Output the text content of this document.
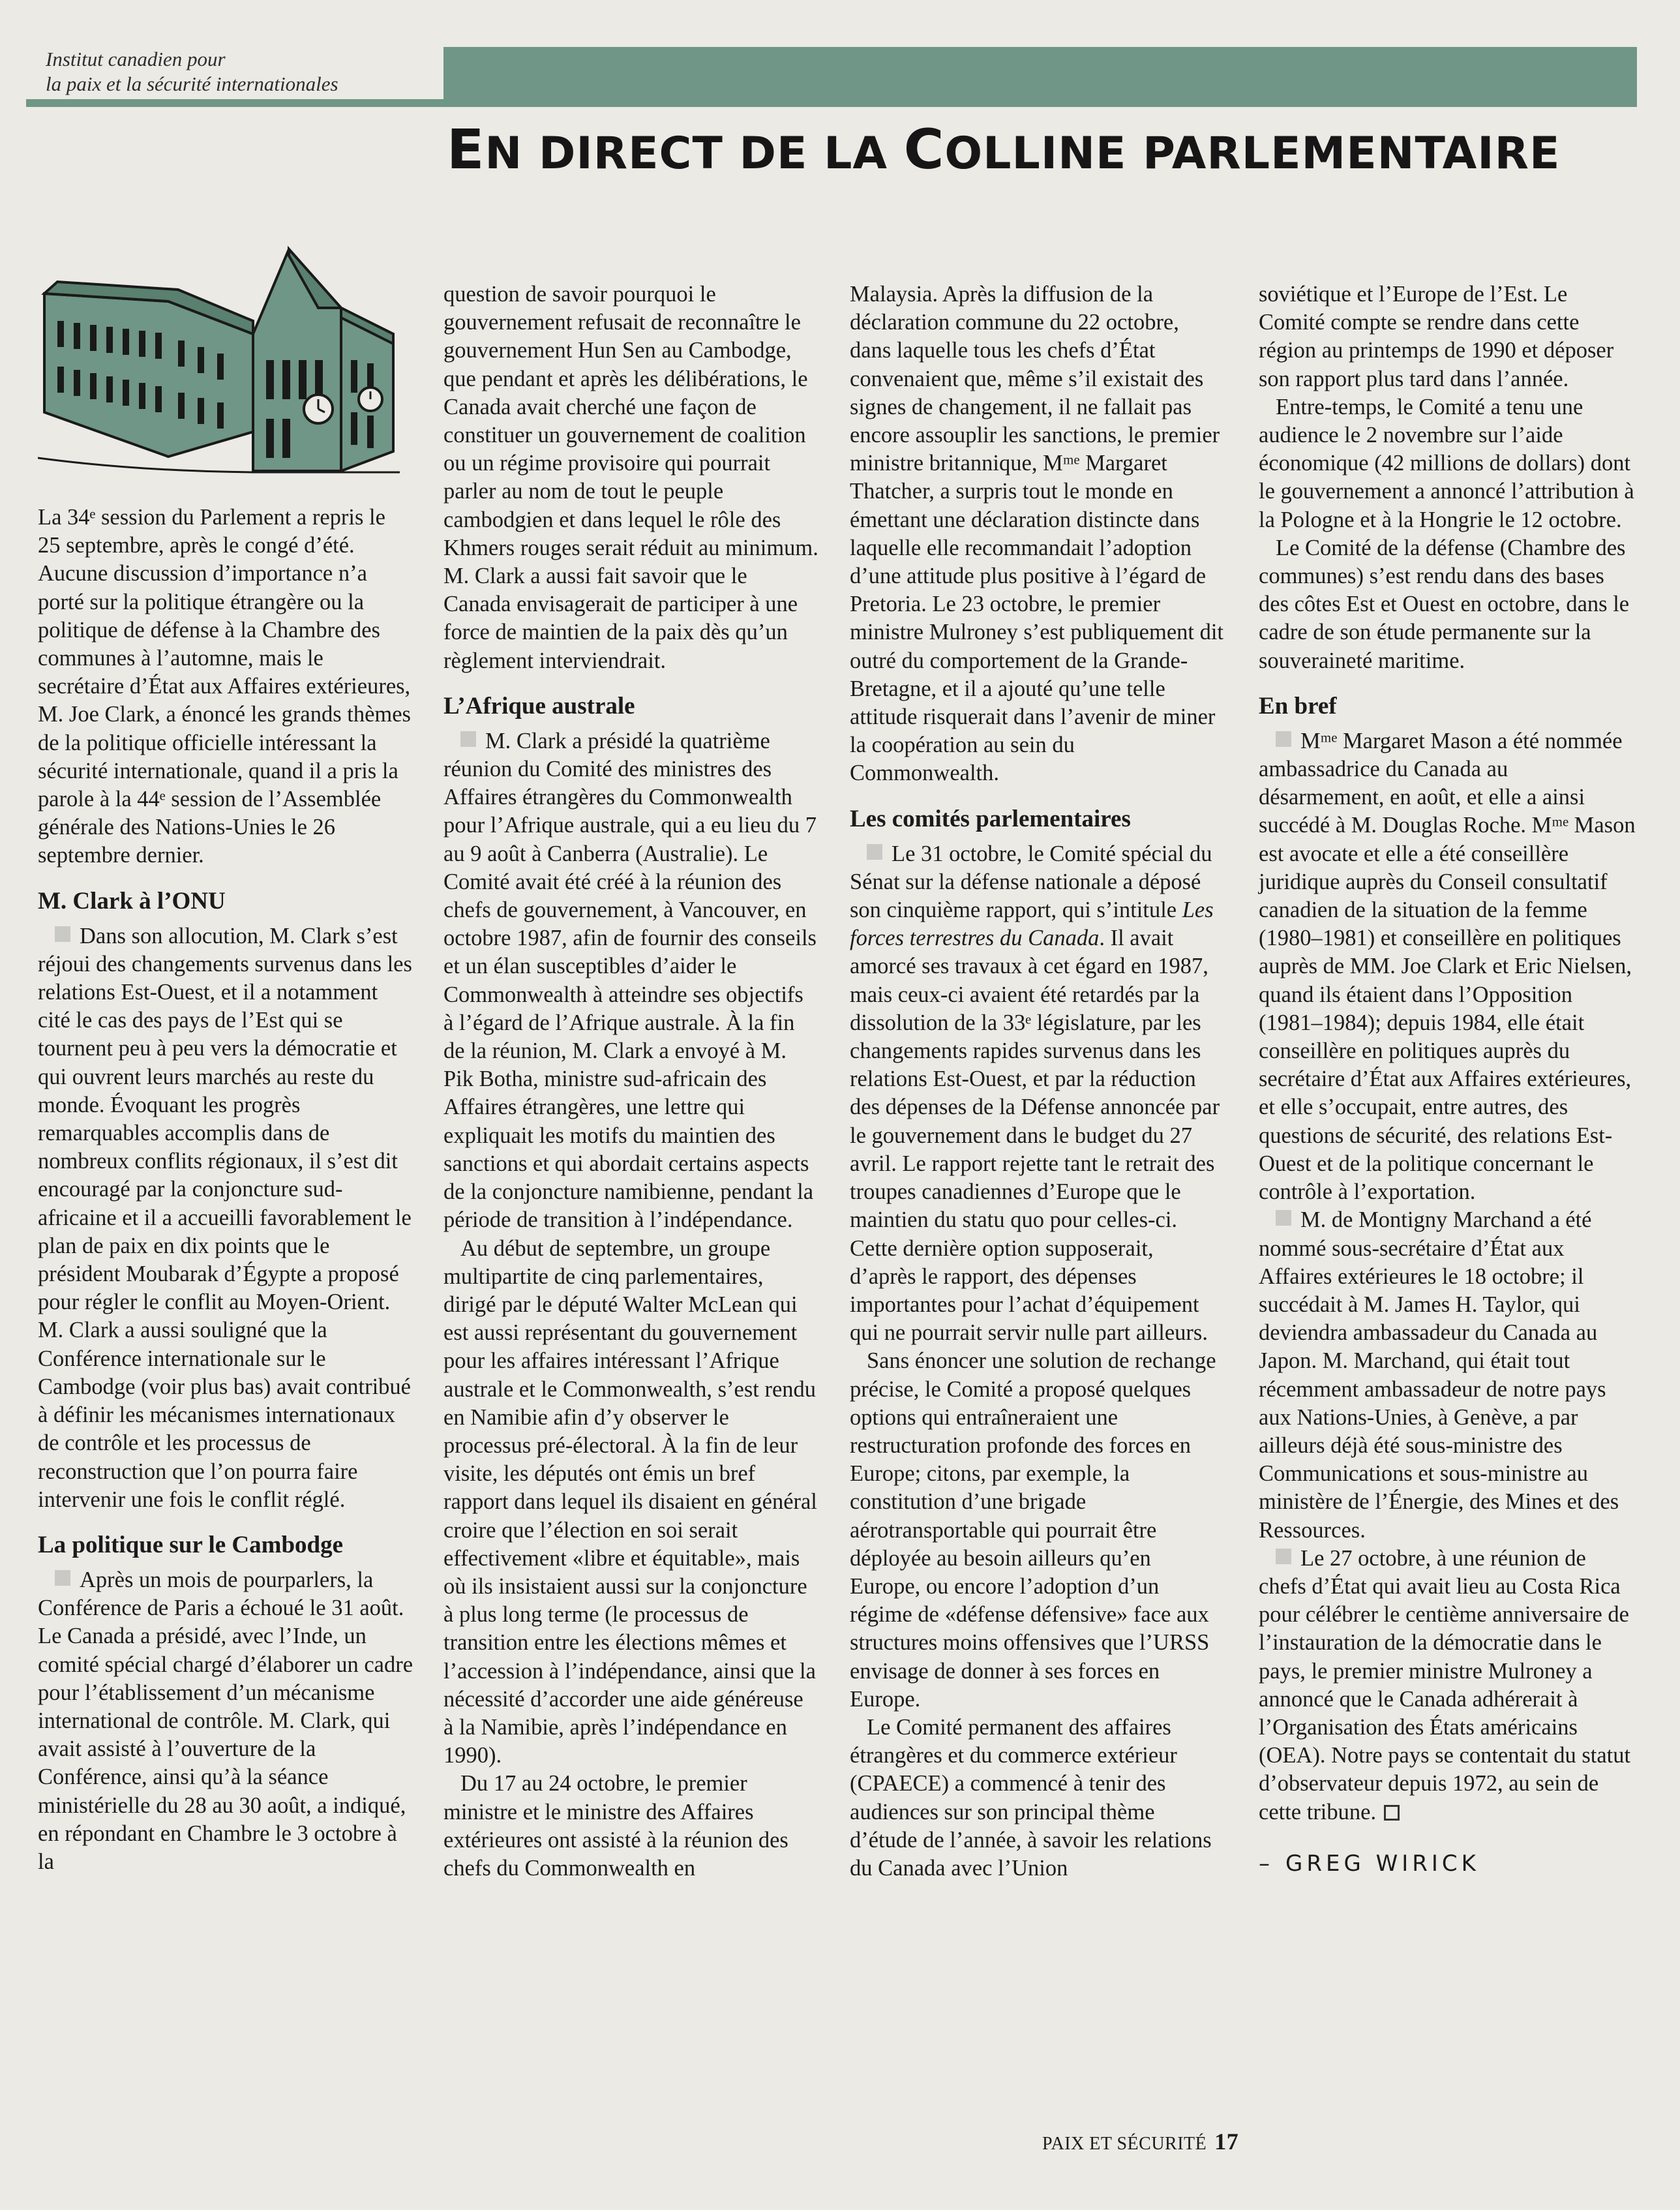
Institut canadien pour
la paix et la sécurité internationales
EN DIRECT DE LA COLLINE PARLEMENTAIRE

La 34ᵉ session du Parlement a repris le 25 septembre, après le congé d’été. Aucune discussion d’importance n’a porté sur la politique étrangère ou la politique de défense à la Chambre des communes à l’automne, mais le secrétaire d’État aux Affaires extérieures, M. Joe Clark, a énoncé les grands thèmes de la politique officielle intéressant la sécurité internationale, quand il a pris la parole à la 44ᵉ session de l’Assemblée générale des Nations-Unies le 26 septembre dernier.

M. Clark à l’ONU

Dans son allocution, M. Clark s’est réjoui des changements survenus dans les relations Est-Ouest, et il a notamment cité le cas des pays de l’Est qui se tournent peu à peu vers la démocratie et qui ouvrent leurs marchés au reste du monde. Évoquant les progrès remarquables accomplis dans de nombreux conflits régionaux, il s’est dit encouragé par la conjoncture sud-africaine et il a accueilli favorablement le plan de paix en dix points que le président Moubarak d’Égypte a proposé pour régler le conflit au Moyen-Orient. M. Clark a aussi souligné que la Conférence internationale sur le Cambodge (voir plus bas) avait contribué à définir les mécanismes internationaux de contrôle et les processus de reconstruction que l’on pourra faire intervenir une fois le conflit réglé.

La politique sur le Cambodge

Après un mois de pourparlers, la Conférence de Paris a échoué le 31 août. Le Canada a présidé, avec l’Inde, un comité spécial chargé d’élaborer un cadre pour l’établissement d’un mécanisme international de contrôle. M. Clark, qui avait assisté à l’ouverture de la Conférence, ainsi qu’à la séance ministérielle du 28 au 30 août, a indiqué, en répondant en Chambre le 3 octobre à la

question de savoir pourquoi le gouvernement refusait de reconnaître le gouvernement Hun Sen au Cambodge, que pendant et après les délibérations, le Canada avait cherché une façon de constituer un gouvernement de coalition ou un régime provisoire qui pourrait parler au nom de tout le peuple cambodgien et dans lequel le rôle des Khmers rouges serait réduit au minimum. M. Clark a aussi fait savoir que le Canada envisagerait de participer à une force de maintien de la paix dès qu’un règlement interviendrait.

L’Afrique australe

M. Clark a présidé la quatrième réunion du Comité des ministres des Affaires étrangères du Commonwealth pour l’Afrique australe, qui a eu lieu du 7 au 9 août à Canberra (Australie). Le Comité avait été créé à la réunion des chefs de gouvernement, à Vancouver, en octobre 1987, afin de fournir des conseils et un élan susceptibles d’aider le Commonwealth à atteindre ses objectifs à l’égard de l’Afrique australe. À la fin de la réunion, M. Clark a envoyé à M. Pik Botha, ministre sud-africain des Affaires étrangères, une lettre qui expliquait les motifs du maintien des sanctions et qui abordait certains aspects de la conjoncture namibienne, pendant la période de transition à l’indépendance.

Au début de septembre, un groupe multipartite de cinq parlementaires, dirigé par le député Walter McLean qui est aussi représentant du gouvernement pour les affaires intéressant l’Afrique australe et le Commonwealth, s’est rendu en Namibie afin d’y observer le processus pré-électoral. À la fin de leur visite, les députés ont émis un bref rapport dans lequel ils disaient en général croire que l’élection en soi serait effectivement «libre et équitable», mais où ils insistaient aussi sur la conjoncture à plus long terme (le processus de transition entre les élections mêmes et l’accession à l’indépendance, ainsi que la nécessité d’accorder une aide généreuse à la Namibie, après l’indépendance en 1990).

Du 17 au 24 octobre, le premier ministre et le ministre des Affaires extérieures ont assisté à la réunion des chefs du Commonwealth en

Malaysia. Après la diffusion de la déclaration commune du 22 octobre, dans laquelle tous les chefs d’État convenaient que, même s’il existait des signes de changement, il ne fallait pas encore assouplir les sanctions, le premier ministre britannique, Mᵐᵉ Margaret Thatcher, a surpris tout le monde en émettant une déclaration distincte dans laquelle elle recommandait l’adoption d’une attitude plus positive à l’égard de Pretoria. Le 23 octobre, le premier ministre Mulroney s’est publiquement dit outré du comportement de la Grande-Bretagne, et il a ajouté qu’une telle attitude risquerait dans l’avenir de miner la coopération au sein du Commonwealth.

Les comités parlementaires

Le 31 octobre, le Comité spécial du Sénat sur la défense nationale a déposé son cinquième rapport, qui s’intitule Les forces terrestres du Canada. Il avait amorcé ses travaux à cet égard en 1987, mais ceux-ci avaient été retardés par la dissolution de la 33ᵉ législature, par les changements rapides survenus dans les relations Est-Ouest, et par la réduction des dépenses de la Défense annoncée par le gouvernement dans le budget du 27 avril. Le rapport rejette tant le retrait des troupes canadiennes d’Europe que le maintien du statu quo pour celles-ci. Cette dernière option supposerait, d’après le rapport, des dépenses importantes pour l’achat d’équipement qui ne pourrait servir nulle part ailleurs.

Sans énoncer une solution de rechange précise, le Comité a proposé quelques options qui entraîneraient une restructuration profonde des forces en Europe; citons, par exemple, la constitution d’une brigade aérotransportable qui pourrait être déployée au besoin ailleurs qu’en Europe, ou encore l’adoption d’un régime de «défense défensive» face aux structures moins offensives que l’URSS envisage de donner à ses forces en Europe.

Le Comité permanent des affaires étrangères et du commerce extérieur (CPAECE) a commencé à tenir des audiences sur son principal thème d’étude de l’année, à savoir les relations du Canada avec l’Union

soviétique et l’Europe de l’Est. Le Comité compte se rendre dans cette région au printemps de 1990 et déposer son rapport plus tard dans l’année.

Entre-temps, le Comité a tenu une audience le 2 novembre sur l’aide économique (42 millions de dollars) dont le gouvernement a annoncé l’attribution à la Pologne et à la Hongrie le 12 octobre.

Le Comité de la défense (Chambre des communes) s’est rendu dans des bases des côtes Est et Ouest en octobre, dans le cadre de son étude permanente sur la souveraineté maritime.

En bref

Mᵐᵉ Margaret Mason a été nommée ambassadrice du Canada au désarmement, en août, et elle a ainsi succédé à M. Douglas Roche. Mᵐᵉ Mason est avocate et elle a été conseillère juridique auprès du Conseil consultatif canadien de la situation de la femme (1980–1981) et conseillère en politiques auprès de MM. Joe Clark et Eric Nielsen, quand ils étaient dans l’Opposition (1981–1984); depuis 1984, elle était conseillère en politiques auprès du secrétaire d’État aux Affaires extérieures, et elle s’occupait, entre autres, des questions de sécurité, des relations Est-Ouest et de la politique concernant le contrôle à l’exportation.

M. de Montigny Marchand a été nommé sous-secrétaire d’État aux Affaires extérieures le 18 octobre; il succédait à M. James H. Taylor, qui deviendra ambassadeur du Canada au Japon. M. Marchand, qui était tout récemment ambassadeur de notre pays aux Nations-Unies, à Genève, a par ailleurs déjà été sous-ministre des Communications et sous-ministre au ministère de l’Énergie, des Mines et des Ressources.

Le 27 octobre, à une réunion de chefs d’État qui avait lieu au Costa Rica pour célébrer le centième anniversaire de l’instauration de la démocratie dans le pays, le premier ministre Mulroney a annoncé que le Canada adhérerait à l’Organisation des États américains (OEA). Notre pays se contentait du statut d’observateur depuis 1972, au sein de cette tribune.

– GREG WIRICK
PAIX ET SÉCURITÉ 17
